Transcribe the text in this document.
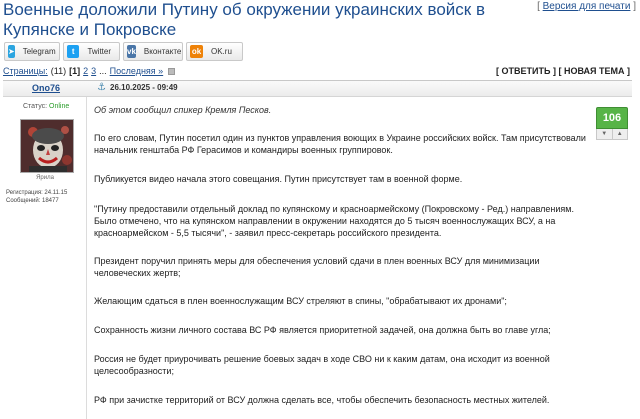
Военные доложили Путину об окружении украинских войск в Купянске и Покровске
[ Версия для печати ]
➤ Telegram	t	Twitter vk Вконтакте ok OK.ru
Страницы: (11) [1] 2 3 ... Последняя »	[ ОТВЕТИТЬ ] [ НОВАЯ ТЕМА ]
Ono76	⚓ 26.10.2025 - 09:49
Статус: Online
Ярила
Регистрация: 24.11.15
Сообщений: 18477

Об этом сообщил спикер Кремля Песков.

По его словам, Путин посетил один из пунктов управления воющих в Украине российских войск. Там присутствовали начальник генштаба РФ Герасимов и командиры военных группировок.

Публикуется видео начала этого совещания. Путин присутствует там в военной форме.

"Путину предоставили отдельный доклад по купянскому и красноармейскому (Покровскому - Ред.) направлениям. Было отмечено, что на купянском направлении в окружении находятся до 5 тысяч военнослужащих ВСУ, а на красноармейском - 5,5 тысячи", - заявил пресс-секретарь российского президента.

Президент поручил принять меры для обеспечения условий сдачи в плен военных ВСУ для минимизации человеческих жертв;

Желающим сдаться в плен военнослужащим ВСУ стреляют в спины, "обрабатывают их дронами";

Сохранность жизни личного состава ВС РФ является приоритетной задачей, она должна быть во главе угла;

Россия не будет приурочивать решение боевых задач в ходе СВО ни к каким датам, она исходит из военной целесообразности;

РФ при зачистке территорий от ВСУ должна сделать все, чтобы обеспечить безопасность местных жителей.

106
▼	▲
